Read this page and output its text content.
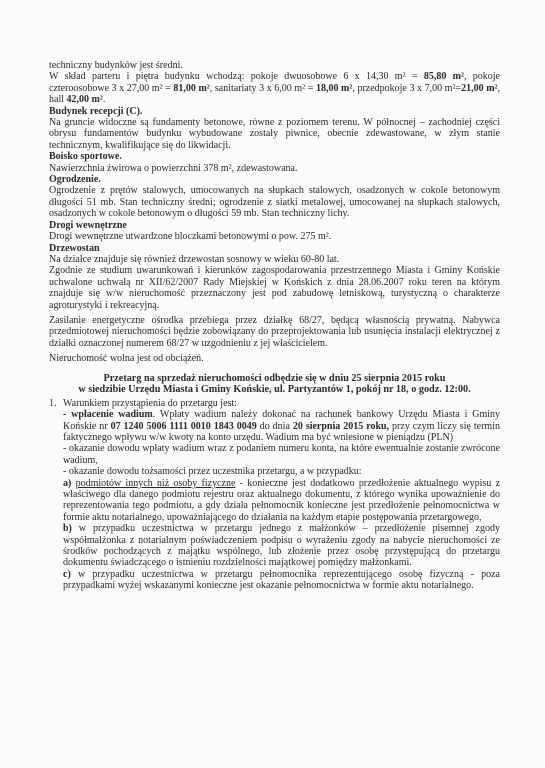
techniczny budynków jest średni.

W skład parteru i piętra budynku wchodzą: pokoje dwuosobowe 6 x 14,30 m² = 85,80 m², pokoje czteroosobowe 3 x 27,00 m² = 81,00 m², sanitariaty 3 x 6,00 m² = 18,00 m², przedpokoje 3 x 7,00 m²=21,00 m², hall 42,00 m².

Budynek recepcji (C).

Na gruncie widoczne są fundamenty betonowe, równe z poziomem terenu. W północnej – zachodniej części obrysu fundamentów budynku wybudowane zostały piwnice, obecnie zdewastowane, w złym stanie technicznym, kwalifikujące się do likwidacji.

Boisko sportowe.

Nawierzchnia żwirowa o powierzchni 378 m², zdewastowana.

Ogrodzenie.

Ogrodzenie z prętów stalowych, umocowanych na słupkach stalowych, osadzonych w cokole betonowym długości 51 mb. Stan techniczny średni; ogrodzenie z siatki metalowej, umocowanej na słupkach stalowych, osadzonych w cokole betonowym o długości 59 mb. Stan techniczny lichy.

Drogi wewnętrzne

Drogi wewnętrzne utwardzone bloczkami betonowymi o pow. 275 m².

Drzewostan

Na działce znajduje się również drzewostan sosnowy w wieku 60-80 lat.

Zgodnie ze studium uwarunkowań i kierunków zagospodarowania przestrzennego Miasta i Gminy Końskie uchwalone uchwałą nr XII/62/2007 Rady Miejskiej w Końskich z dnia 28.06.2007 roku teren na którym znajduje się w/w nieruchomość przeznaczony jest pod zabudowę letniskową, turystyczną o charakterze agroturystyki i rekreacyjną.

Zasilanie energetyczne ośrodka przebiega przez działkę 68/27, będącą własnością prywatną. Nabywca przedmiotowej nieruchomości będzie zobowiązany do przeprojektowania lub usunięcia instalacji elektrycznej z działki oznaczonej numerem 68/27 w uzgodnieniu z jej właścicielem.

Nieruchomość wolna jest od obciążeń.

Przetarg na sprzedaż nieruchomości odbędzie się w dniu 25 sierpnia 2015 roku

w siedzibie Urzędu Miasta i Gminy Końskie, ul. Partyzantów 1, pokój nr 18, o godz. 12:00.

1. Warunkiem przystąpienia do przetargu jest:

- wpłacenie wadium. Wpłaty wadium należy dokonać na rachunek bankowy Urzędu Miasta i Gminy Końskie nr 07 1240 5006 1111 0010 1843 0049 do dnia 20 sierpnia 2015 roku, przy czym liczy się termin faktycznego wpływu w/w kwoty na konto urzędu. Wadium ma być wniesione w pieniądzu (PLN)

- okazanie dowodu wpłaty wadium wraz z podaniem numeru konta, na które ewentualnie zostanie zwrócone wadium,

- okazanie dowodu tożsamości przez uczestnika przetargu, a w przypadku:

a) podmiotów innych niż osoby fizyczne - konieczne jest dodatkowo przedłożenie aktualnego wypisu z właściwego dla danego podmiotu rejestru oraz aktualnego dokumentu, z którego wynika upoważnienie do reprezentowania tego podmiotu, a gdy działa pełnomocnik konieczne jest przedłożenie pełnomocnictwa w formie aktu notarialnego, upoważniającego do działania na każdym etapie postępowania przetargowego,

b) w przypadku uczestnictwa w przetargu jednego z małżonków – przedłożenie pisemnej zgody współmałżonka z notarialnym poświadczeniem podpisu o wyrażeniu zgody na nabycie nieruchomości ze środków pochodzących z majątku wspólnego, lub złożenie przez osobę przystępującą do przetargu dokumentu świadczącego o istnieniu rozdzielności majątkowej pomiędzy małżonkami.

c) w przypadku uczestnictwa w przetargu pełnomocnika reprezentującego osobę fizyczną - poza przypadkami wyżej wskazanymi konieczne jest okazanie pełnomocnictwa w formie aktu notarialnego.
